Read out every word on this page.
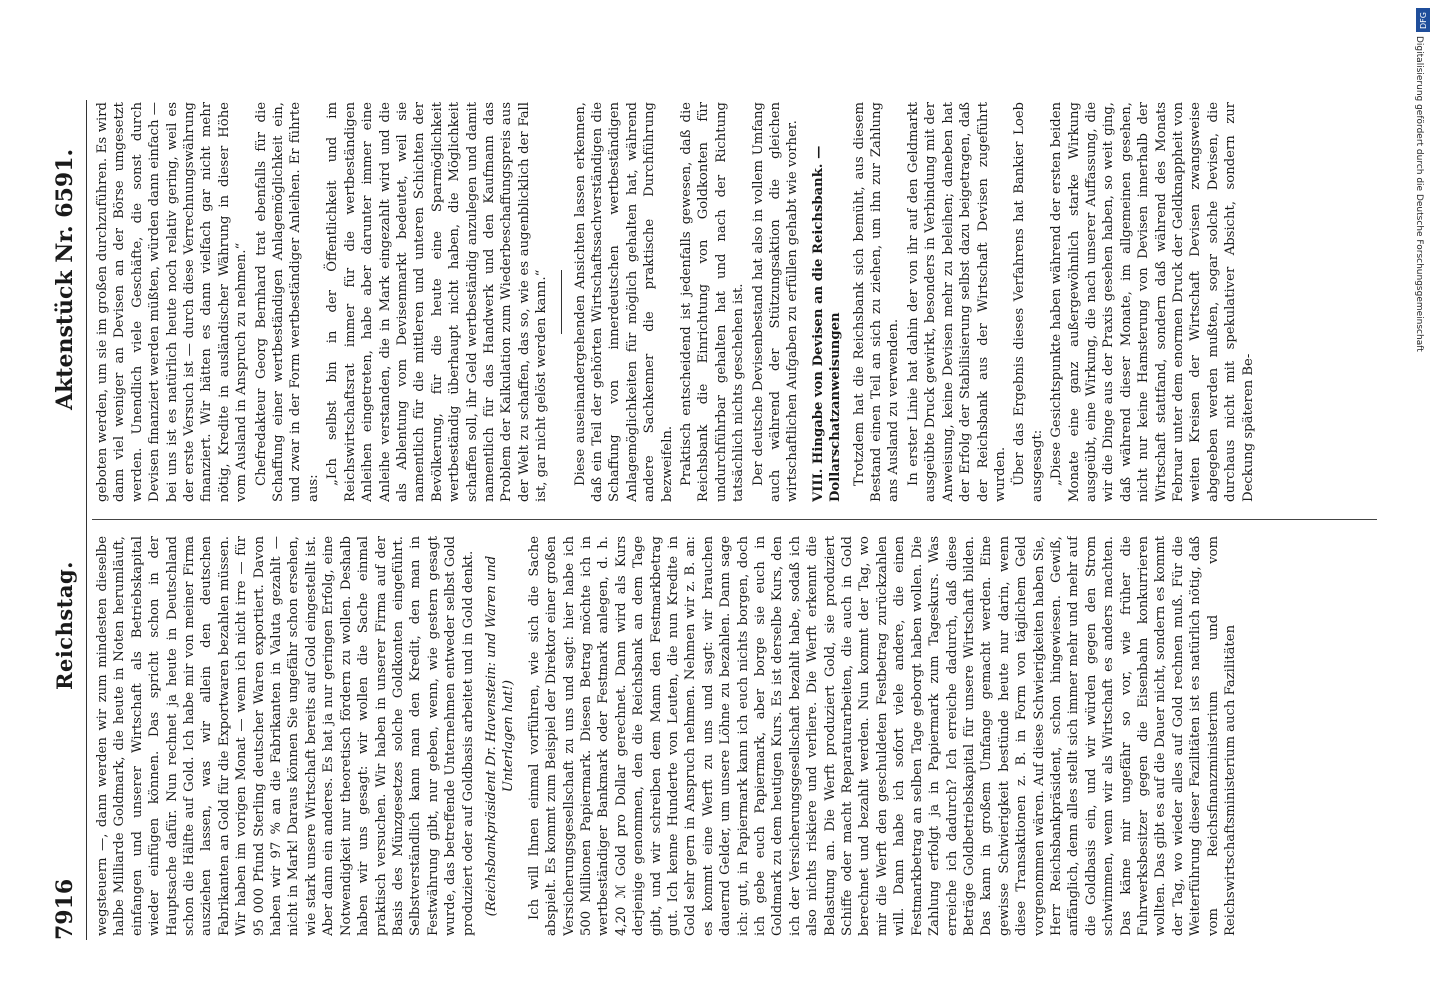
DFG
Digitalisierung gefördert durch die Deutsche Forschungsgemeinschaft
7916
Reichstag.
Aktenstück Nr. 6591.

wegsteuern —, dann werden wir zum mindesten dieselbe halbe Milliarde Goldmark, die heute in Noten herumläuft, einfangen und unserer Wirtschaft als Betriebskapital wieder einfügen können. Das spricht schon in der Hauptsache dafür. Nun rechnet ja heute in Deutschland schon die Hälfte auf Gold. Ich habe mir von meiner Firma ausziehen lassen, was wir allein den deutschen Fabrikanten an Gold für die Exportwaren bezahlen müssen. Wir haben im vorigen Monat — wenn ich nicht irre — für 95 000 Pfund Sterling deutscher Waren exportiert. Davon haben wir 97 % an die Fabrikanten in Valuta gezahlt — nicht in Mark! Daraus können Sie ungefähr schon ersehen, wie stark unsere Wirtschaft bereits auf Gold eingestellt ist. Aber dann ein anderes. Es hat ja nur geringen Erfolg, eine Notwendigkeit nur theoretisch fördern zu wollen. Deshalb haben wir uns gesagt: wir wollen die Sache einmal praktisch versuchen. Wir haben in unserer Firma auf der Basis des Münzgesetzes solche Goldkonten eingeführt. Selbstverständlich kann man den Kredit, den man in Festwährung gibt, nur geben, wenn, wie gestern gesagt wurde, das betreffende Unternehmen entweder selbst Gold produziert oder auf Goldbasis arbeitet und in Gold denkt. (Reichsbankpräsident Dr. Havenstein: und Waren und Unterlagen hat!) Ich will Ihnen einmal vorführen, wie sich die Sache abspielt. Es kommt zum Beispiel der Direktor einer großen Versicherungsgesellschaft zu uns und sagt: hier habe ich 500 Millionen Papiermark. Diesen Betrag möchte ich in wertbeständiger Bankmark oder Festmark anlegen, d. h. 4,20 ℳ Gold pro Dollar gerechnet. Dann wird als Kurs derjenige genommen, den die Reichsbank an dem Tage gibt, und wir schreiben dem Mann den Festmarkbetrag gut. Ich kenne Hunderte von Leuten, die nun Kredite in Gold sehr gern in Anspruch nehmen. Nehmen wir z. B. an: es kommt eine Werft zu uns und sagt: wir brauchen dauernd Gelder, um unsere Löhne zu bezahlen. Dann sage ich: gut, in Papiermark kann ich euch nichts borgen, doch ich gebe euch Papiermark, aber borge sie euch in Goldmark zu dem heutigen Kurs. Es ist derselbe Kurs, den ich der Versicherungsgesellschaft bezahlt habe, sodaß ich also nichts riskiere und verliere. Die Werft erkennt die Belastung an. Die Werft produziert Gold, sie produziert Schiffe oder macht Reparaturarbeiten, die auch in Gold berechnet und bezahlt werden. Nun kommt der Tag, wo mir die Werft den geschuldeten Festbetrag zurückzahlen will. Dann habe ich sofort viele andere, die einen Festmarkbetrag an selben Tage geborgt haben wollen. Die Zahlung erfolgt ja in Papiermark zum Tageskurs. Was erreiche ich dadurch? Ich erreiche dadurch, daß diese Beträge Goldbetriebskapital für unsere Wirtschaft bilden. Das kann in großem Umfange gemacht werden. Eine gewisse Schwierigkeit bestünde heute nur darin, wenn diese Transaktionen z. B. in Form von täglichem Geld vorgenommen wären. Auf diese Schwierigkeiten haben Sie, Herr Reichsbankpräsident, schon hingewiesen. Gewiß, anfänglich, denn alles stellt sich immer mehr und mehr auf die Goldbasis ein, und wir würden gegen den Strom schwimmen, wenn wir als Wirtschaft es anders machten. Das käme mir ungefähr so vor, wie früher die Fuhrwerksbesitzer gegen die Eisenbahn konkurrieren wollten. Das gibt es auf die Dauer nicht, sondern es kommt der Tag, wo wieder alles auf Gold rechnen muß. Für die Weiterführung dieser Fazilitäten ist es natürlich nötig, daß vom Reichsfinanzministerium und vom Reichswirtschaftsministerium auch Fazilitäten

geboten werden, um sie im großen durchzuführen. Es wird dann viel weniger an Devisen an der Börse umgesetzt werden. Unendlich viele Geschäfte, die sonst durch Devisen finanziert werden müßten, würden dann einfach — bei uns ist es natürlich heute noch relativ gering, weil es der erste Versuch ist — durch diese Verrechnungswährung finanziert. Wir hätten es dann vielfach gar nicht mehr nötig, Kredite in ausländischer Währung in dieser Höhe vom Ausland in Anspruch zu nehmen.“ Chefredakteur Georg Bernhard trat ebenfalls für die Schaffung einer wertbeständigen Anlagemöglichkeit ein, und zwar in der Form wertbeständiger Anleihen. Er führte aus:

„Ich selbst bin in der Öffentlichkeit und im Reichswirtschaftsrat immer für die wertbeständigen Anleihen eingetreten, habe aber darunter immer eine Anleihe verstanden, die in Mark eingezahlt wird und die als Ablentung vom Devisenmarkt bedeutet, weil sie namentlich für die mittleren und unteren Schichten der Bevölkerung, für die heute eine Sparmöglichkeit wertbeständig überhaupt nicht haben, die Möglichkeit schaffen soll, ihr Geld wertbeständig anzulegen und damit namentlich für das Handwerk und den Kaufmann das Problem der Kalkulation zum Wiederbeschaffungspreis aus der Welt zu schaffen, das so, wie es augenblicklich der Fall ist, gar nicht gelöst werden kann.“ Diese auseinandergehenden Ansichten lassen erkennen, daß ein Teil der gehörten Wirtschaftssachverständigen die Schaffung von innerdeutschen wertbeständigen Anlagemöglichkeiten für möglich gehalten hat, während andere Sachkenner die praktische Durchführung bezweifeln. Praktisch entscheidend ist jedenfalls gewesen, daß die Reichsbank die Einrichtung von Goldkonten für undurchführbar gehalten hat und nach der Richtung tatsächlich nichts geschehen ist. Der deutsche Devisenbestand hat also in vollem Umfang auch während der Stützungsaktion die gleichen wirtschaftlichen Aufgaben zu erfüllen gehabt wie vorher. VIII. Hingabe von Devisen an die Reichsbank. — Dollarschatzanweisungen Trotzdem hat die Reichsbank sich bemüht, aus diesem Bestand einen Teil an sich zu ziehen, um ihn zur Zahlung ans Ausland zu verwenden. In erster Linie hat dahin der von ihr auf den Geldmarkt ausgeübte Druck gewirkt, besonders in Verbindung mit der Anweisung, keine Devisen mehr zu beleihen; daneben hat der Erfolg der Stabilisierung selbst dazu beigetragen, daß der Reichsbank aus der Wirtschaft Devisen zugeführt wurden. Über das Ergebnis dieses Verfahrens hat Bankier Loeb ausgesagt: „Diese Gesichtspunkte haben während der ersten beiden Monate eine ganz außergewöhnlich starke Wirkung ausgeübt, eine Wirkung, die nach unserer Auffassung, die wir die Dinge aus der Praxis gesehen haben, so weit ging, daß während dieser Monate, im allgemeinen gesehen, nicht nur keine Hamsterung von Devisen innerhalb der Wirtschaft stattfand, sondern daß während des Monats Februar unter dem enormen Druck der Geldknappheit von weiten Kreisen der Wirtschaft Devisen zwangsweise abgegeben werden mußten, sogar solche Devisen, die durchaus nicht mit spekulativer Absicht, sondern zur Deckung späteren Be-
